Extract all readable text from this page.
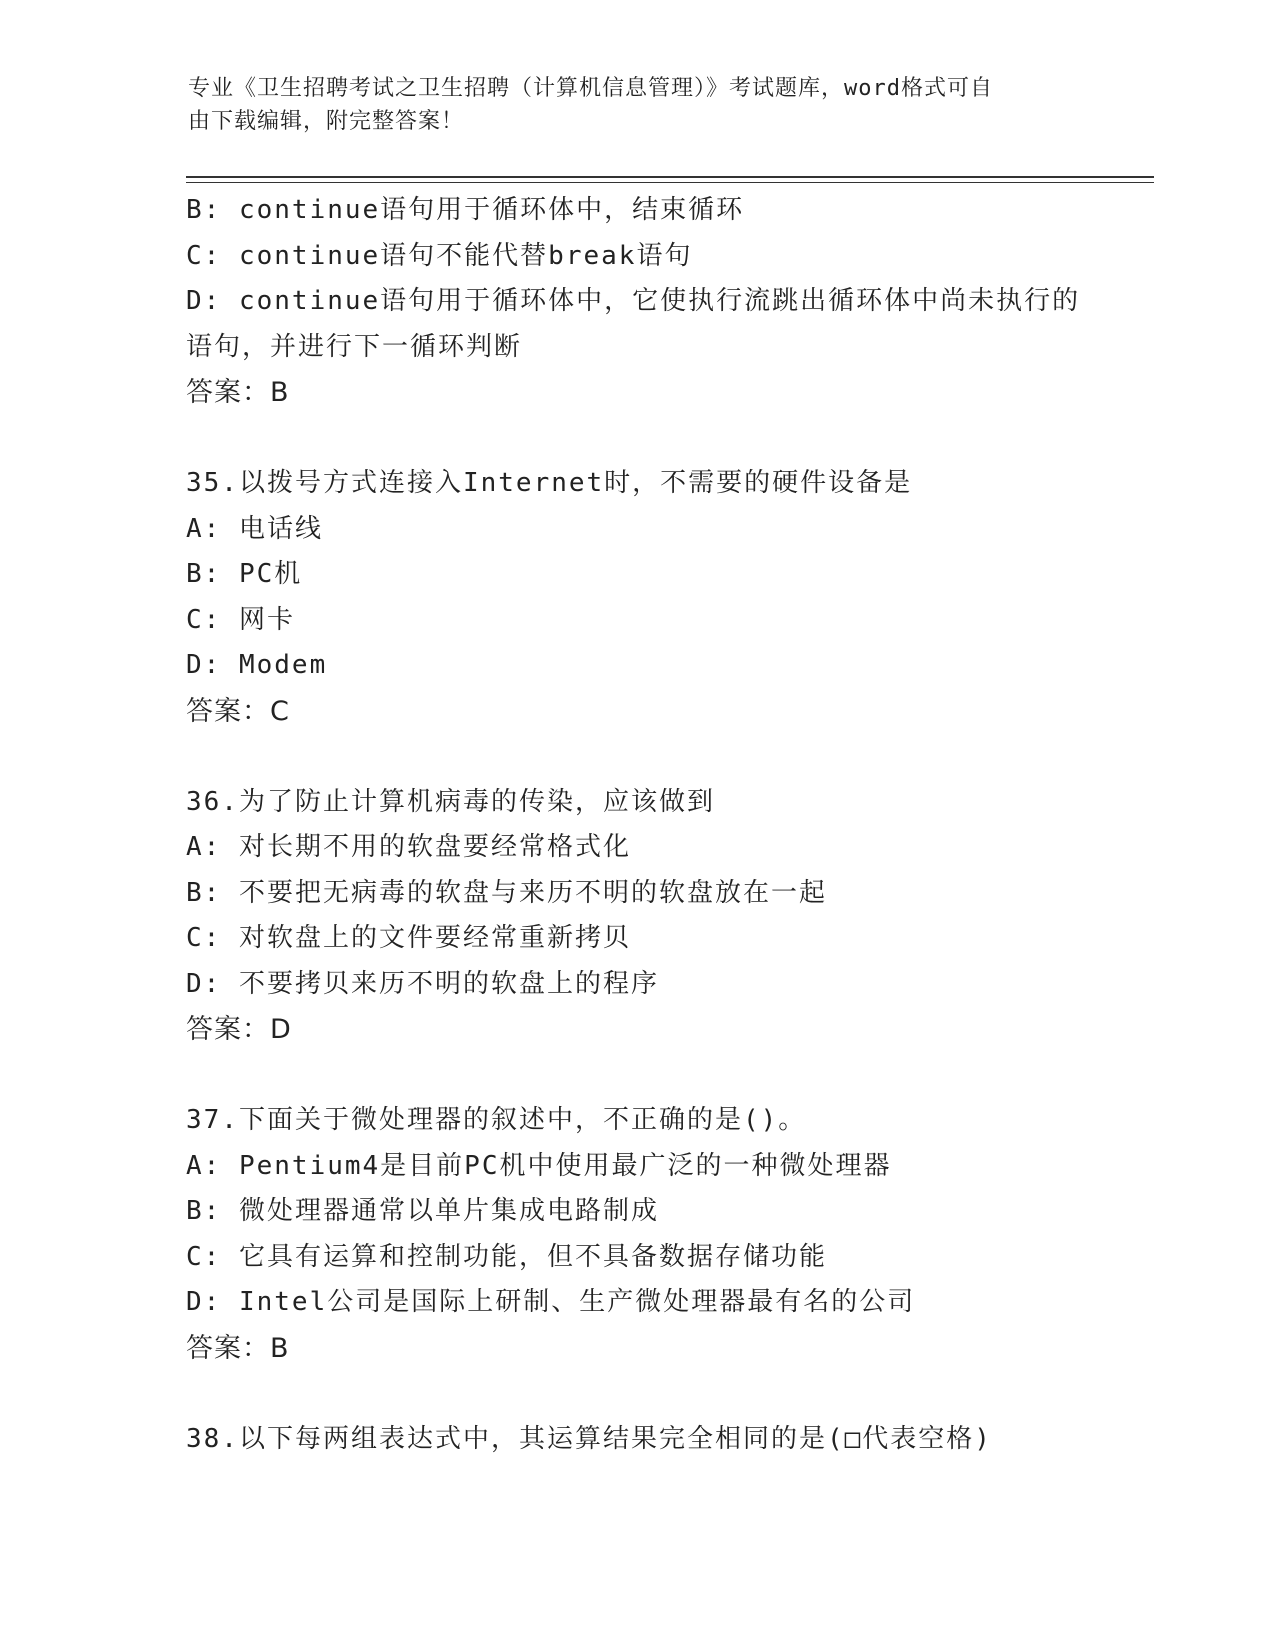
专业《卫生招聘考试之卫生招聘（计算机信息管理）》考试题库，word格式可自
由下载编辑，附完整答案！
B: continue语句用于循环体中，结束循环
C: continue语句不能代替break语句
D: continue语句用于循环体中，它使执行流跳出循环体中尚未执行的
语句，并进行下一循环判断
答案：B
35.以拨号方式连接入Internet时，不需要的硬件设备是
A: 电话线
B: PC机
C: 网卡
D: Modem
答案：C
36.为了防止计算机病毒的传染，应该做到
A: 对长期不用的软盘要经常格式化
B: 不要把无病毒的软盘与来历不明的软盘放在一起
C: 对软盘上的文件要经常重新拷贝
D: 不要拷贝来历不明的软盘上的程序
答案：D
37.下面关于微处理器的叙述中，不正确的是()。
A: Pentium4是目前PC机中使用最广泛的一种微处理器
B: 微处理器通常以单片集成电路制成
C: 它具有运算和控制功能，但不具备数据存储功能
D: Intel公司是国际上研制、生产微处理器最有名的公司
答案：B
38.以下每两组表达式中，其运算结果完全相同的是(□代表空格)
